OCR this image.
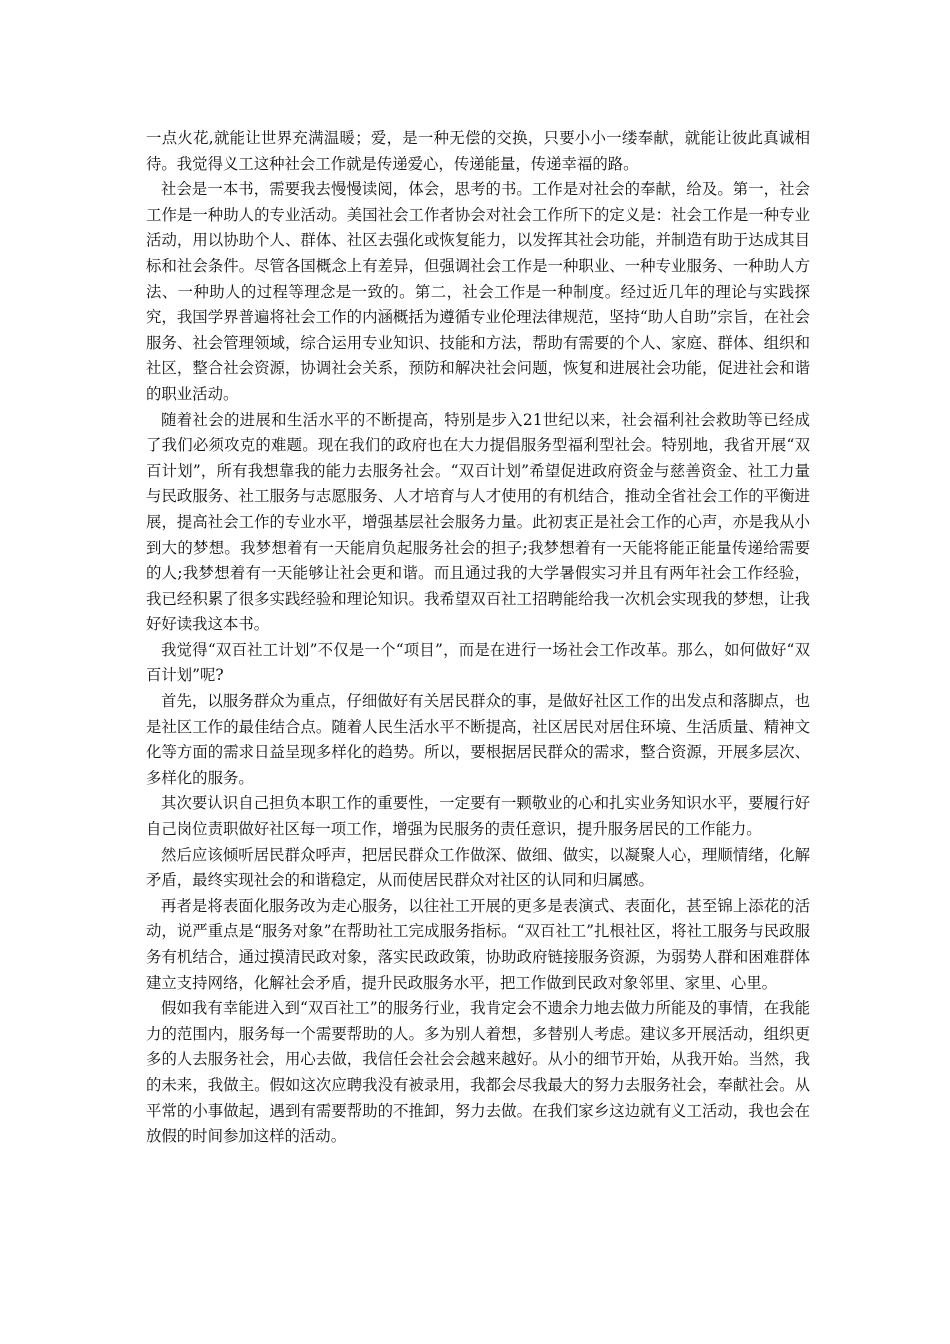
一点火花,就能让世界充满温暖；爱，是一种无偿的交换，只要小小一缕奉献，就能让彼此真诚相待。我觉得义工这种社会工作就是传递爱心，传递能量，传递幸福的路。

社会是一本书，需要我去慢慢读阅，体会，思考的书。工作是对社会的奉献，给及。第一，社会工作是一种助人的专业活动。美国社会工作者协会对社会工作所下的定义是：社会工作是一种专业活动，用以协助个人、群体、社区去强化或恢复能力，以发挥其社会功能，并制造有助于达成其目标和社会条件。尽管各国概念上有差异，但强调社会工作是一种职业、一种专业服务、一种助人方法、一种助人的过程等理念是一致的。第二，社会工作是一种制度。经过近几年的理论与实践探究，我国学界普遍将社会工作的内涵概括为遵循专业伦理法律规范，坚持“助人自助”宗旨，在社会服务、社会管理领域，综合运用专业知识、技能和方法，帮助有需要的个人、家庭、群体、组织和社区，整合社会资源，协调社会关系，预防和解决社会问题，恢复和进展社会功能，促进社会和谐的职业活动。

随着社会的进展和生活水平的不断提高，特别是步入21世纪以来，社会福利社会救助等已经成了我们必须攻克的难题。现在我们的政府也在大力提倡服务型福利型社会。特别地，我省开展“双百计划”，所有我想靠我的能力去服务社会。“双百计划”希望促进政府资金与慈善资金、社工力量与民政服务、社工服务与志愿服务、人才培育与人才使用的有机结合，推动全省社会工作的平衡进展，提高社会工作的专业水平，增强基层社会服务力量。此初衷正是社会工作的心声，亦是我从小到大的梦想。我梦想着有一天能肩负起服务社会的担子;我梦想着有一天能将能正能量传递给需要的人;我梦想着有一天能够让社会更和谐。而且通过我的大学暑假实习并且有两年社会工作经验，我已经积累了很多实践经验和理论知识。我希望双百社工招聘能给我一次机会实现我的梦想，让我好好读我这本书。

我觉得“双百社工计划”不仅是一个“项目”，而是在进行一场社会工作改革。那么，如何做好“双百计划”呢?

首先，以服务群众为重点，仔细做好有关居民群众的事，是做好社区工作的出发点和落脚点，也是社区工作的最佳结合点。随着人民生活水平不断提高，社区居民对居住环境、生活质量、精神文化等方面的需求日益呈现多样化的趋势。所以，要根据居民群众的需求，整合资源，开展多层次、多样化的服务。

其次要认识自己担负本职工作的重要性，一定要有一颗敬业的心和扎实业务知识水平，要履行好自己岗位责职做好社区每一项工作，增强为民服务的责任意识，提升服务居民的工作能力。

然后应该倾听居民群众呼声，把居民群众工作做深、做细、做实，以凝聚人心，理顺情绪，化解矛盾，最终实现社会的和谐稳定，从而使居民群众对社区的认同和归属感。

再者是将表面化服务改为走心服务，以往社工开展的更多是表演式、表面化，甚至锦上添花的活动，说严重点是“服务对象”在帮助社工完成服务指标。“双百社工”扎根社区，将社工服务与民政服务有机结合，通过摸清民政对象，落实民政政策，协助政府链接服务资源，为弱势人群和困难群体建立支持网络，化解社会矛盾，提升民政服务水平，把工作做到民政对象邻里、家里、心里。

假如我有幸能进入到“双百社工”的服务行业，我肯定会不遗余力地去做力所能及的事情，在我能力的范围内，服务每一个需要帮助的人。多为别人着想，多替别人考虑。建议多开展活动，组织更多的人去服务社会，用心去做，我信任会社会会越来越好。从小的细节开始，从我开始。当然，我的未来，我做主。假如这次应聘我没有被录用，我都会尽我最大的努力去服务社会，奉献社会。从平常的小事做起，遇到有需要帮助的不推卸，努力去做。在我们家乡这边就有义工活动，我也会在放假的时间参加这样的活动。
